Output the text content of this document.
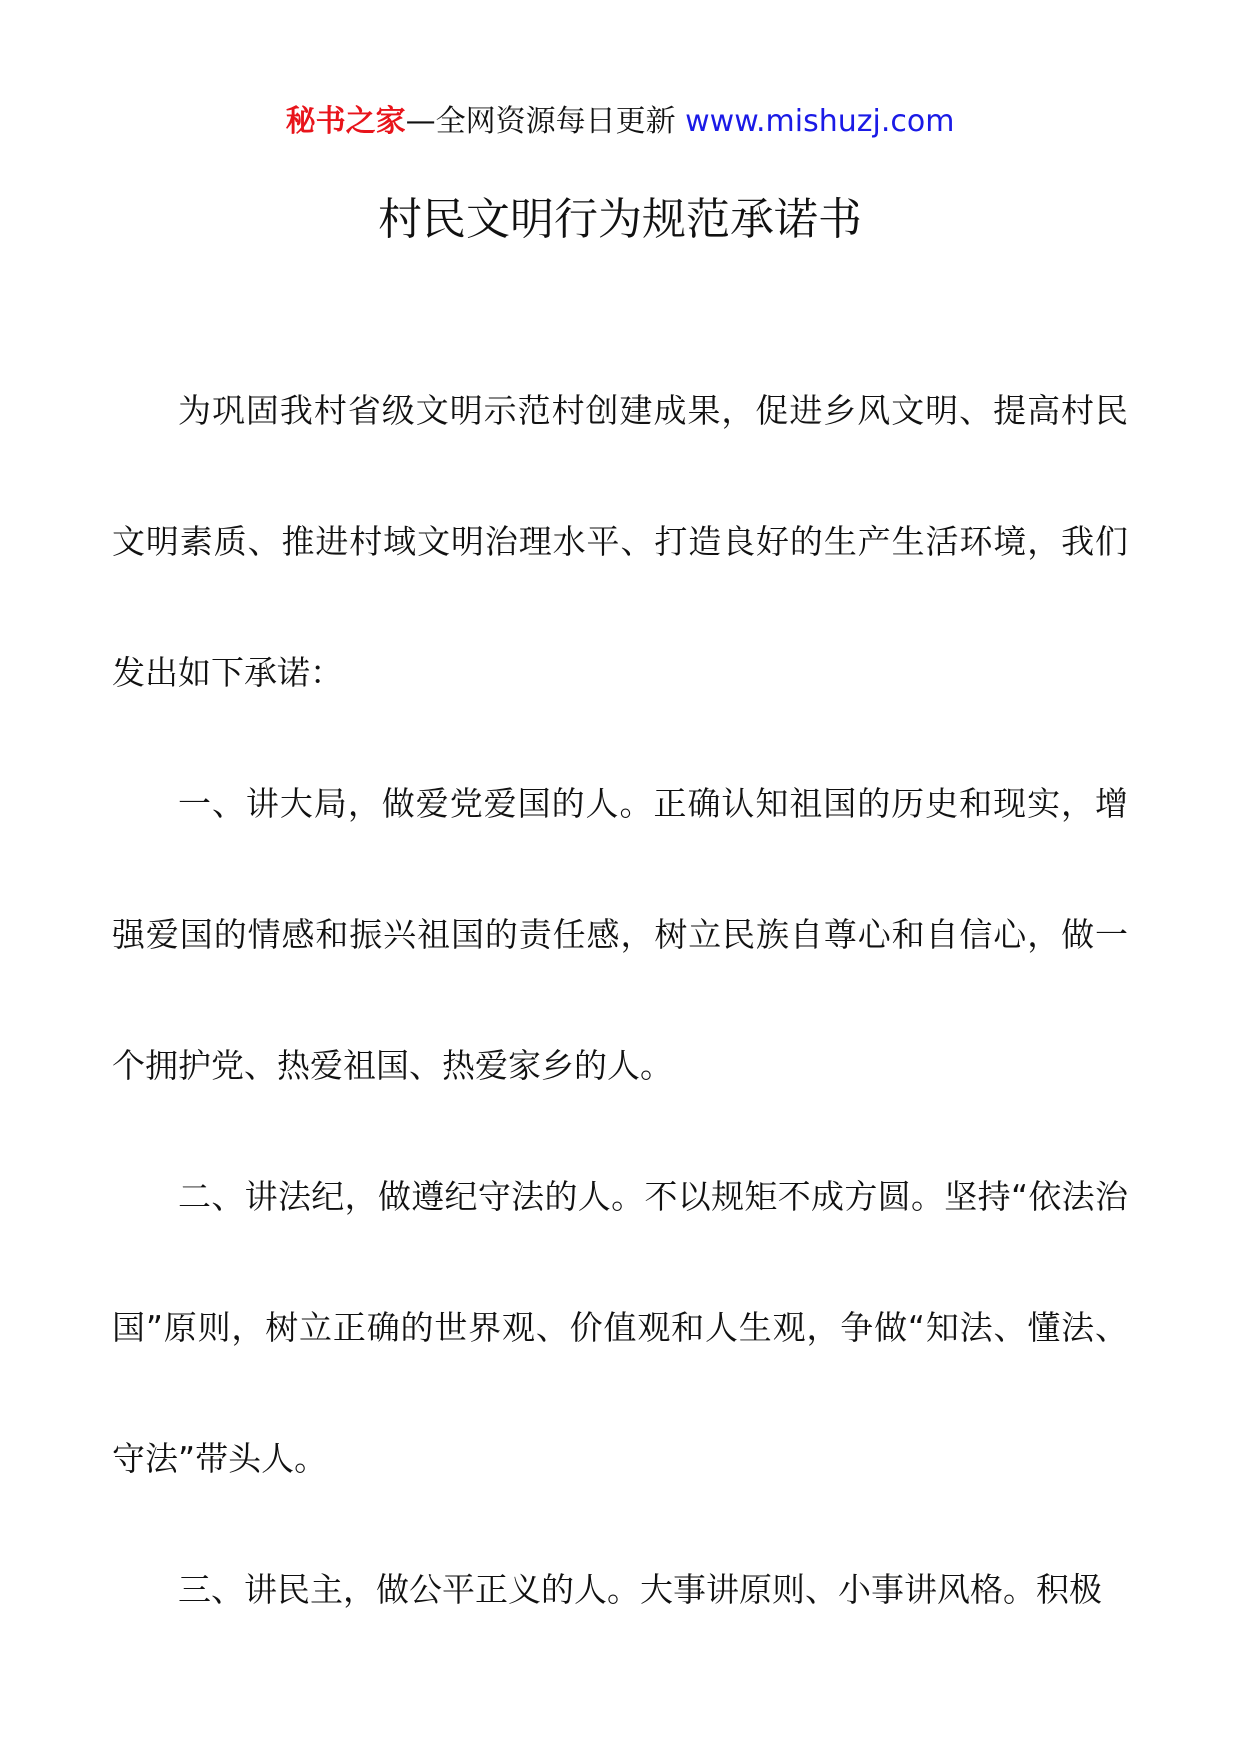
秘书之家—全网资源每日更新 www.mishuzj.com
村民文明行为规范承诺书

为巩固我村省级文明示范村创建成果，促进乡风文明、提高村民文明素质、推进村域文明治理水平、打造良好的生产生活环境，我们发出如下承诺：

一、讲大局，做爱党爱国的人。正确认知祖国的历史和现实，增强爱国的情感和振兴祖国的责任感，树立民族自尊心和自信心，做一个拥护党、热爱祖国、热爱家乡的人。

二、讲法纪，做遵纪守法的人。不以规矩不成方圆。坚持“依法治国”原则，树立正确的世界观、价值观和人生观，争做“知法、懂法、守法”带头人。

三、讲民主，做公平正义的人。大事讲原则、小事讲风格。积极
